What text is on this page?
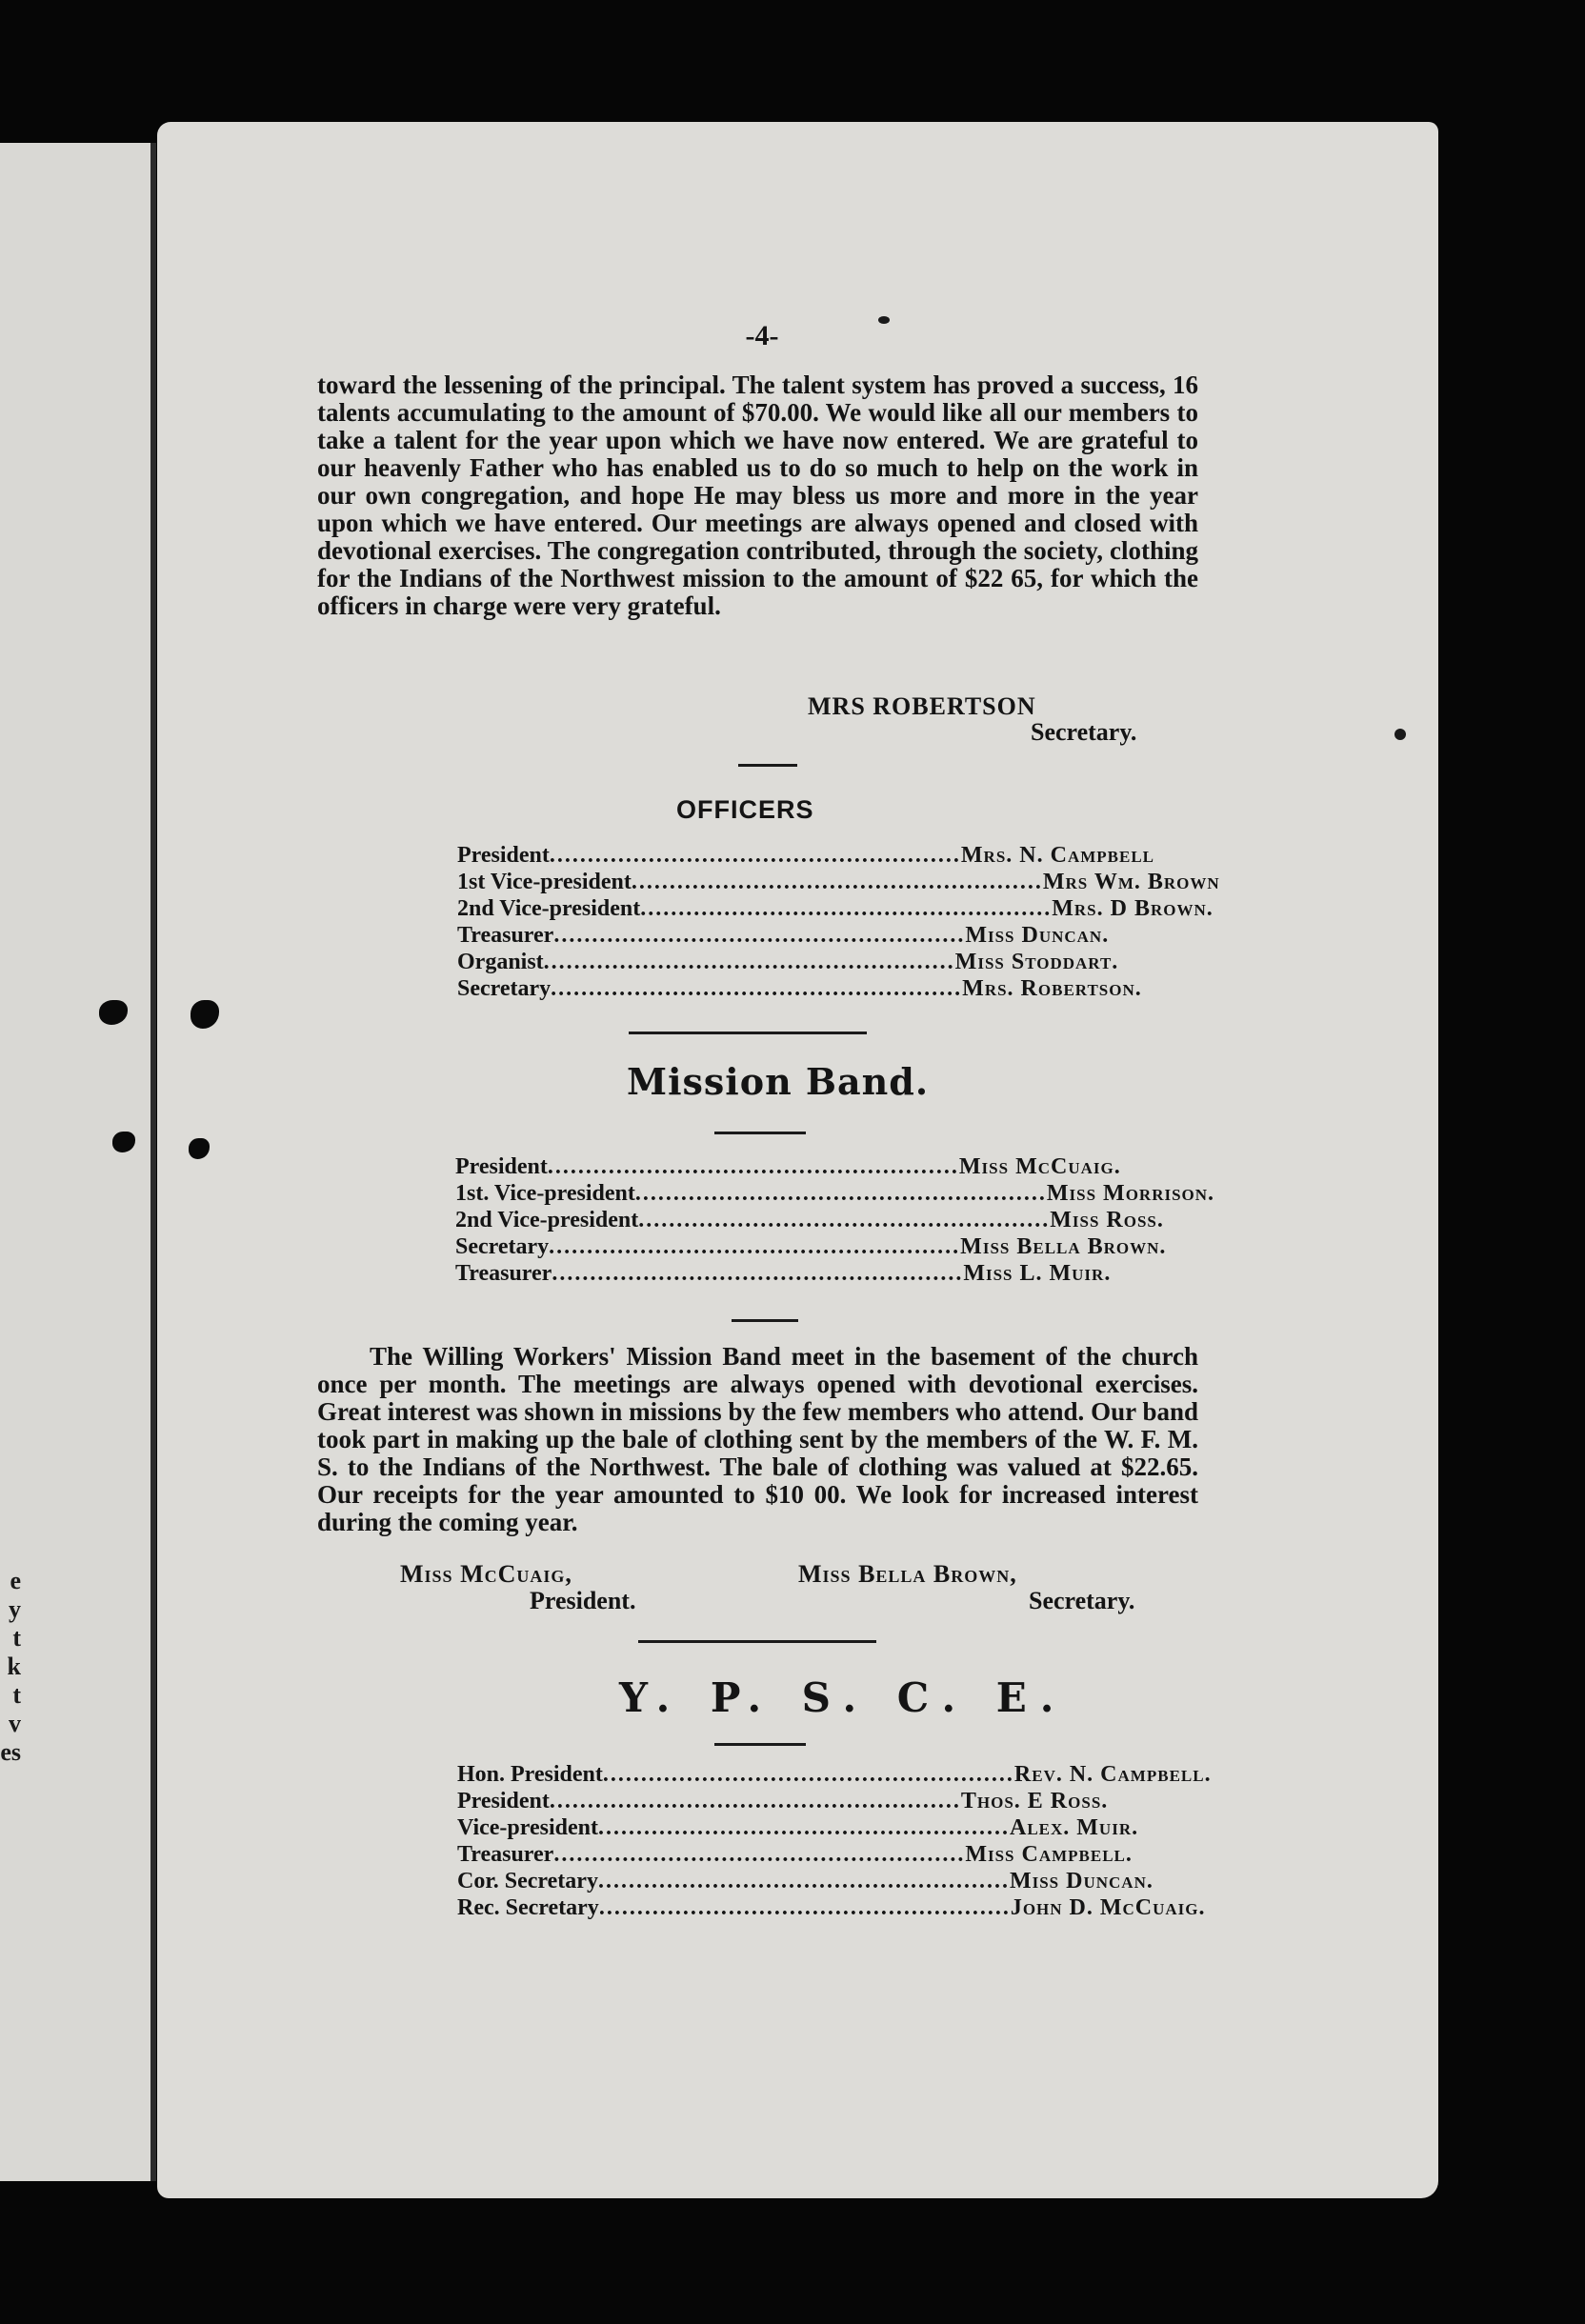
e
y
t
k
t
v
es
-4-

toward the lessening of the principal. The talent system has proved a success, 16 talents accumulating to the amount of $70.00. We would like all our members to take a talent for the year upon which we have now entered. We are grateful to our heavenly Father who has enabled us to do so much to help on the work in our own congregation, and hope He may bless us more and more in the year upon which we have entered. Our meetings are always opened and closed with devotional exercises. The congregation contributed, through the society, clothing for the Indians of the Northwest mission to the amount of $22 65, for which the officers in charge were very grateful.

MRS ROBERTSON
Secretary.
OFFICERS
President ...................................................... Mrs. N. Campbell
1st Vice-president ...................................................... Mrs Wm. Brown
2nd Vice-president ...................................................... Mrs. D Brown.
Treasurer ...................................................... Miss Duncan.
Organist ...................................................... Miss Stoddart.
Secretary ...................................................... Mrs. Robertson.
Mission Band.
President ...................................................... Miss McCuaig.
1st. Vice-president ...................................................... Miss Morrison.
2nd Vice-president ...................................................... Miss Ross.
Secretary ...................................................... Miss Bella Brown.
Treasurer ...................................................... Miss L. Muir.

The Willing Workers' Mission Band meet in the basement of the church once per month. The meetings are always opened with devotional exercises. Great interest was shown in missions by the few members who attend. Our band took part in making up the bale of clothing sent by the members of the W. F. M. S. to the Indians of the Northwest. The bale of clothing was valued at $22.65. Our receipts for the year amounted to $10 00. We look for increased interest during the coming year.

Miss McCuaig,
President.
Miss Bella Brown,
Secretary.
Y. P. S. C. E.
Hon. President ...................................................... Rev. N. Campbell.
President ...................................................... Thos. E Ross.
Vice-president ...................................................... Alex. Muir.
Treasurer ...................................................... Miss Campbell.
Cor. Secretary ...................................................... Miss Duncan.
Rec. Secretary ...................................................... John D. McCuaig.
